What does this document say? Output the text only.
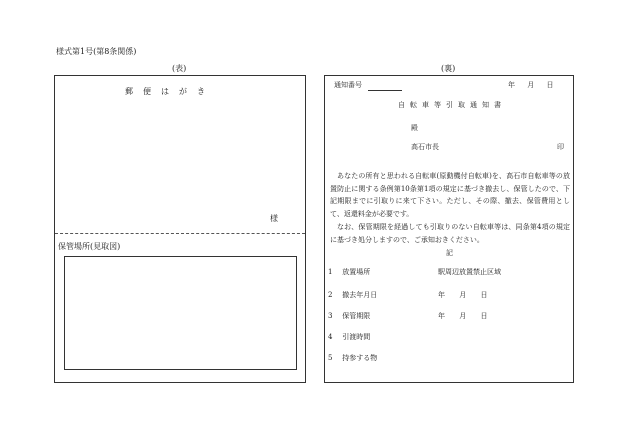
様式第1号(第8条関係)
(表)	(裏)
郵便はがき
様
保管場所(見取図)
通知番号	年 月 日
自転車等引取通知書
殿
高石市長	印

あなたの所有と思われる自転車(原動機付自転車)を、高石市自転車等の放置防止に関する条例第10条第1項の規定に基づき撤去し、保管したので、下記期限までに引取りに来て下さい。ただし、その際、撤去、保管費用として、返還料金が必要です。

なお、保管期限を経過しても引取りのない自転車等は、同条第4項の規定に基づき処分しますので、ご承知おきください。

記
1 放置場所	駅周辺放置禁止区域
2 撤去年月日	年 月 日
3 保管期限	年 月 日
4 引渡時間
5 持参する物
